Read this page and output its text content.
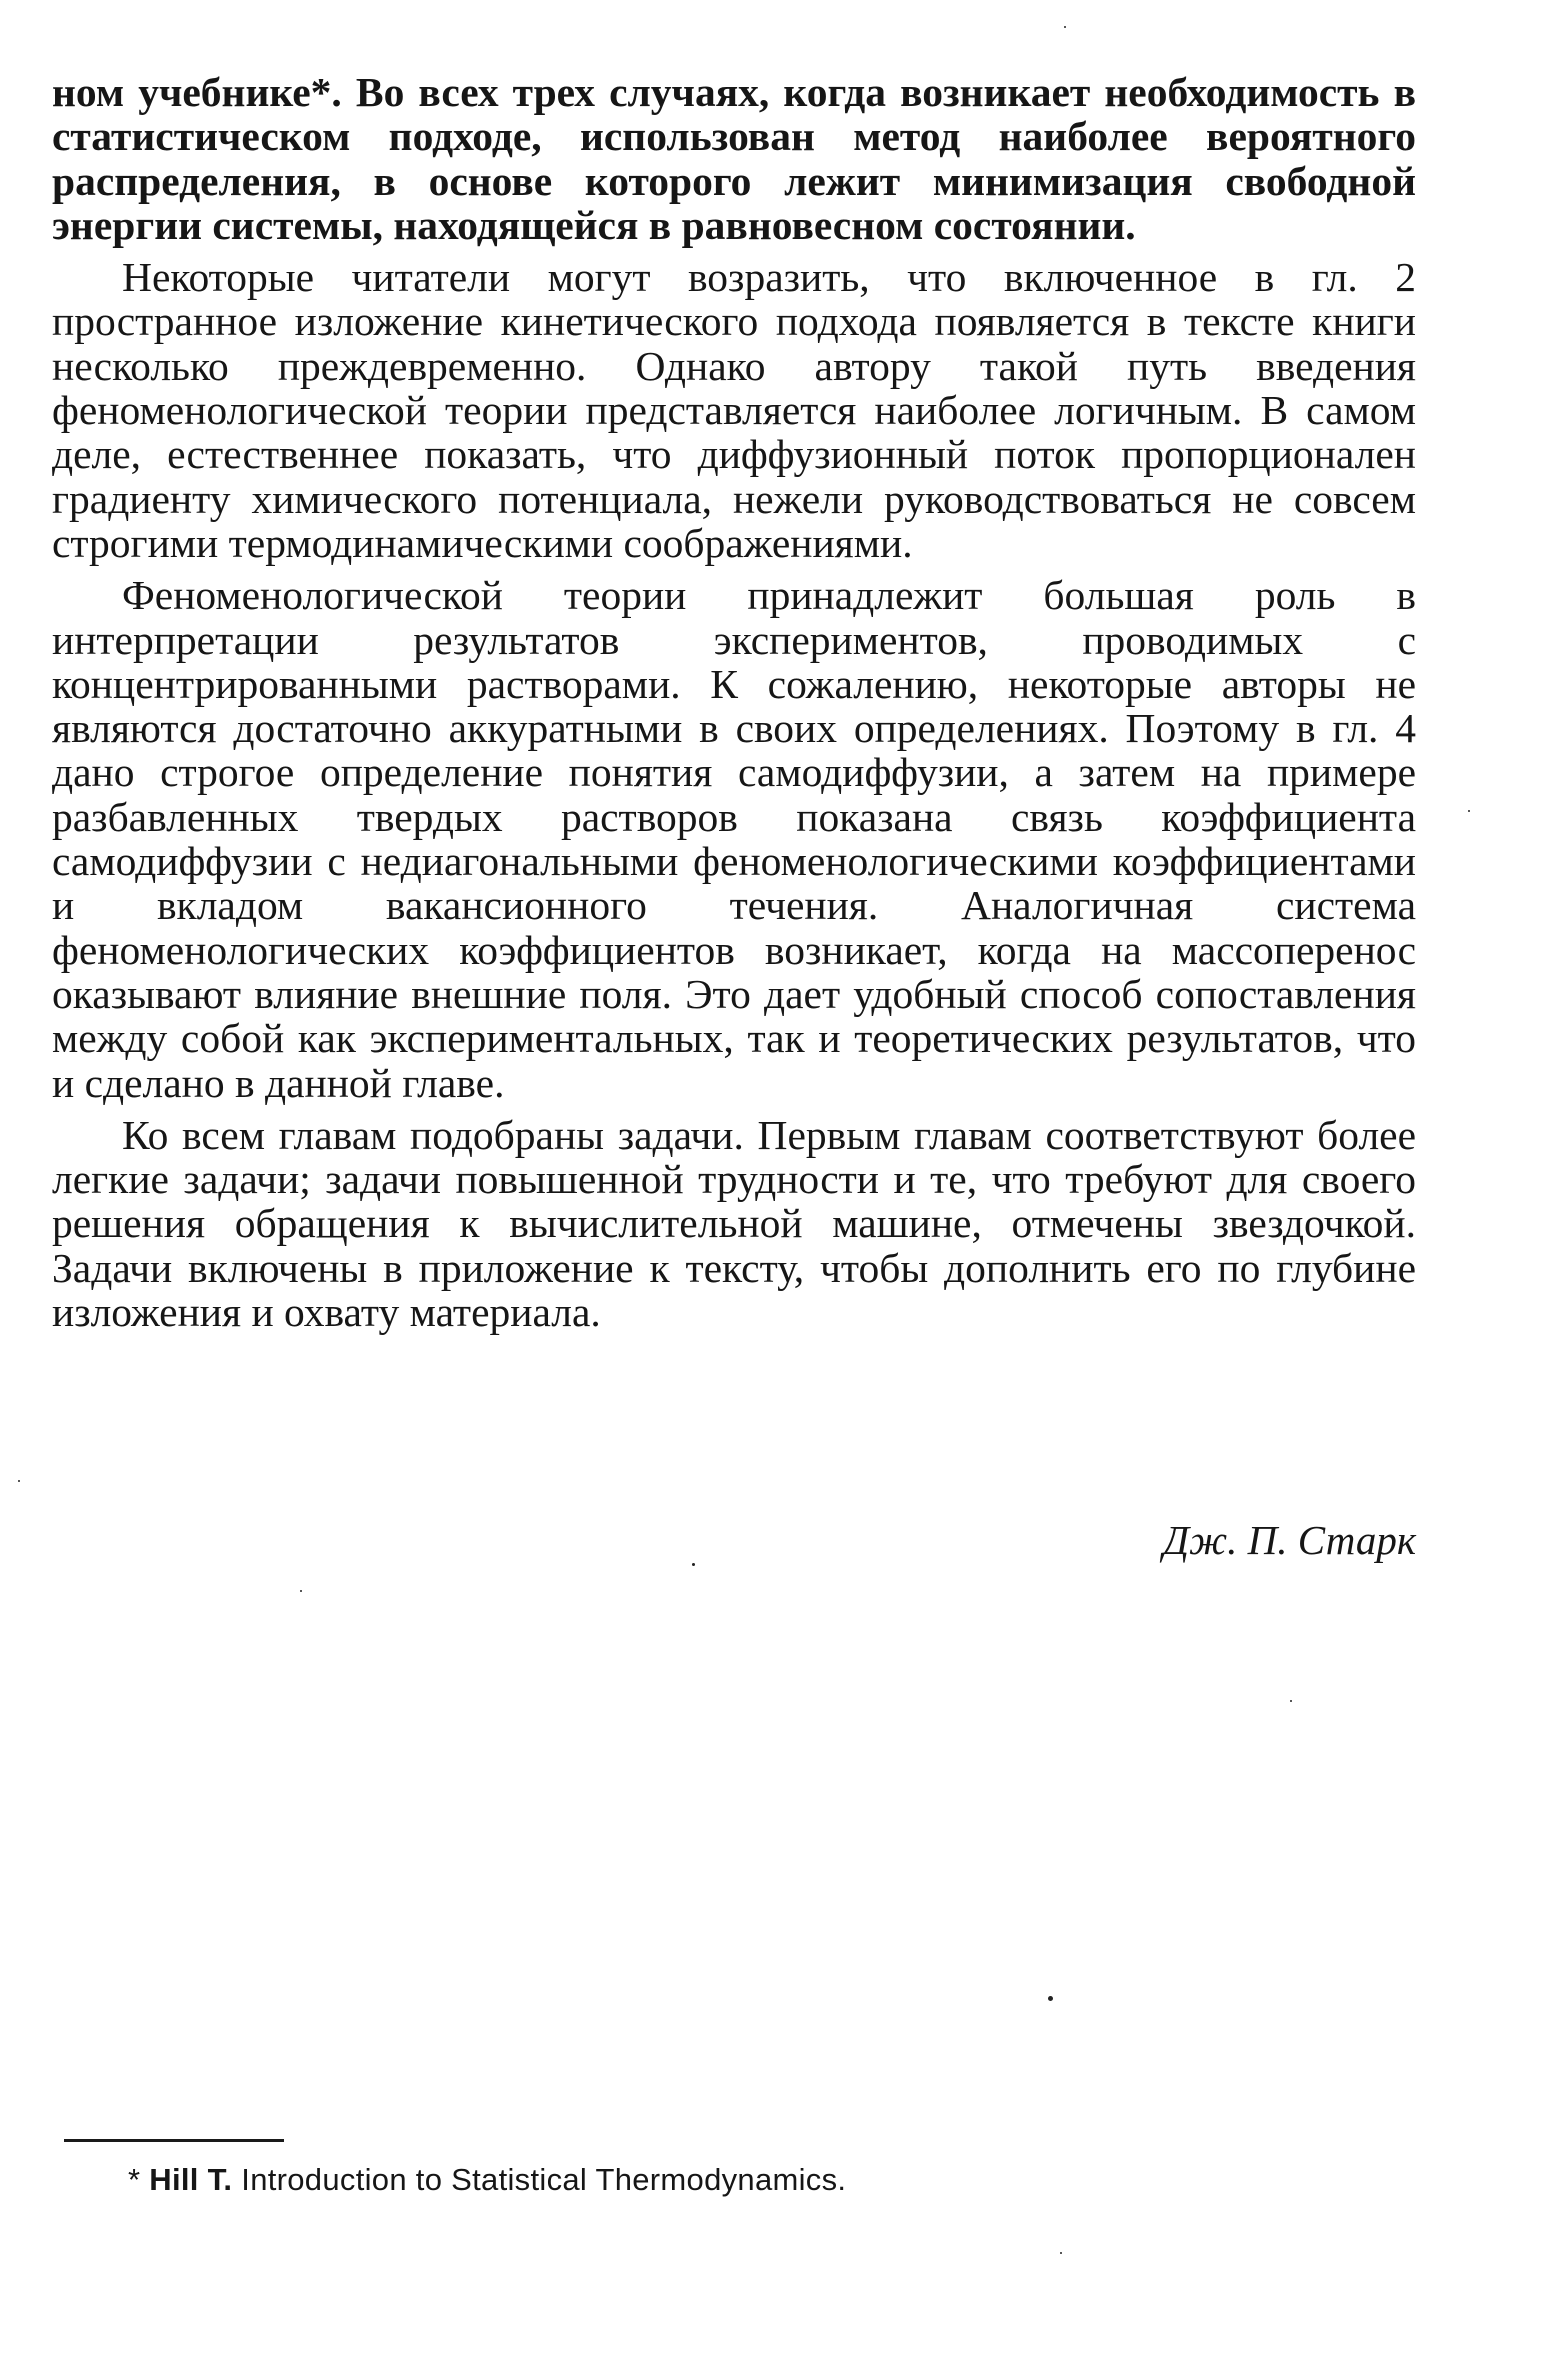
ном учебнике*. Во всех трех случаях, когда возникает необходимость в статистическом подходе, использован метод наиболее вероятного распределения, в основе которого лежит минимизация свободной энергии системы, находящейся в равновесном состоянии.

Некоторые читатели могут возразить, что включенное в гл. 2 пространное изложение кинетического подхода появляется в тексте книги несколько преждевременно. Однако автору такой путь введения феноменологической теории представляется наиболее логичным. В самом деле, естественнее показать, что диффузионный поток пропорционален градиенту химического потенциала, нежели руководствоваться не совсем строгими термодинамическими соображениями.

Феноменологической теории принадлежит большая роль в интерпретации результатов экспериментов, проводимых с концентрированными растворами. К сожалению, некоторые авторы не являются достаточно аккуратными в своих определениях. Поэтому в гл. 4 дано строгое определение понятия самодиффузии, а затем на примере разбавленных твердых растворов показана связь коэффициента самодиффузии с недиагональными феноменологическими коэффициентами и вкладом вакансионного течения. Аналогичная система феноменологических коэффициентов возникает, когда на массоперенос оказывают влияние внешние поля. Это дает удобный способ сопоставления между собой как экспериментальных, так и теоретических результатов, что и сделано в данной главе.

Ко всем главам подобраны задачи. Первым главам соответствуют более легкие задачи; задачи повышенной трудности и те, что требуют для своего решения обращения к вычислительной машине, отмечены звездочкой. Задачи включены в приложение к тексту, чтобы дополнить его по глубине изложения и охвату материала.

Дж. П. Старк
* Hill T. Introduction to Statistical Thermodynamics.
